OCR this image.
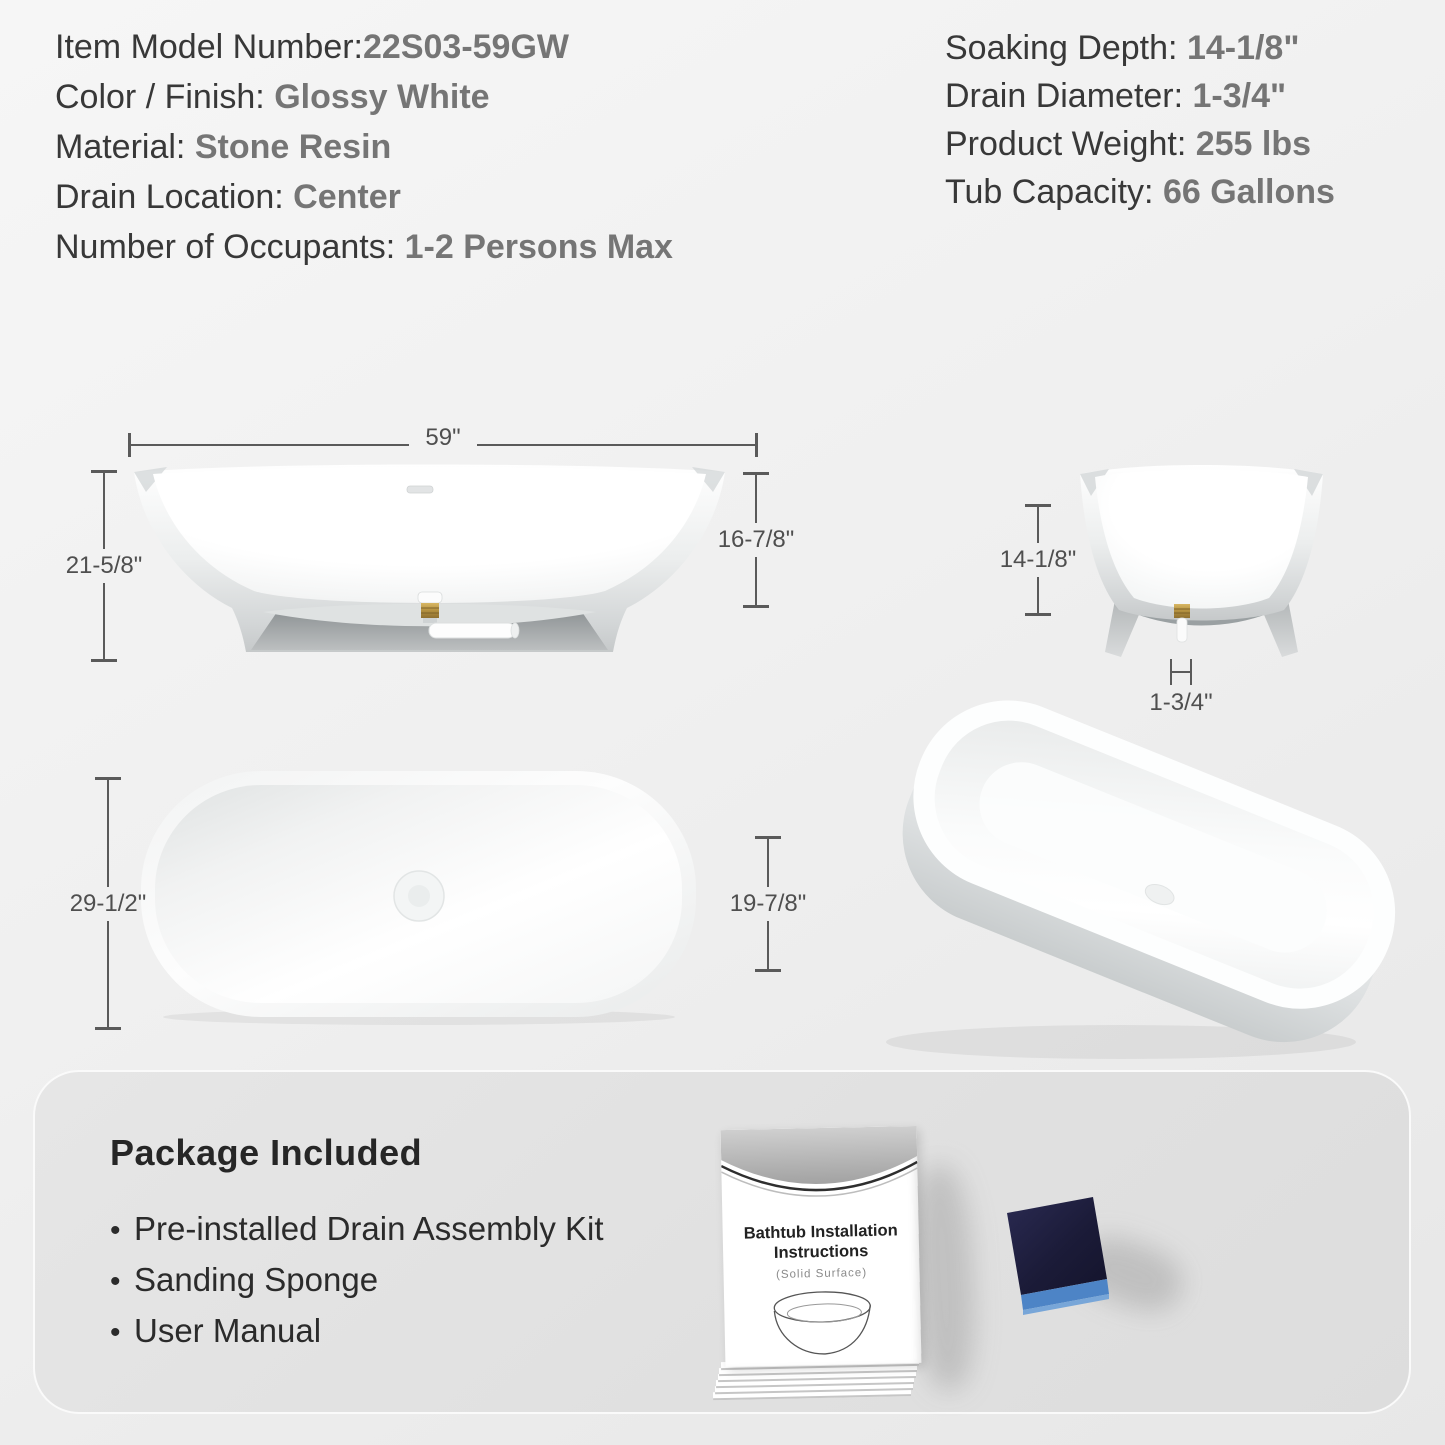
Item Model Number:22S03-59GW
Color / Finish: Glossy White
Material: Stone Resin
Drain Location: Center
Number of Occupants: 1-2 Persons Max
Soaking Depth: 14-1/8"
Drain Diameter: 1-3/4"
Product Weight: 255 lbs
Tub Capacity: 66 Gallons
59"
21-5/8"
16-7/8"
14-1/8"
1-3/4"
29-1/2"	19-7/8"
Package Included
• Pre-installed Drain Assembly Kit
• Sanding Sponge
• User Manual
Bathtub Installation Instructions
(Solid Surface)
